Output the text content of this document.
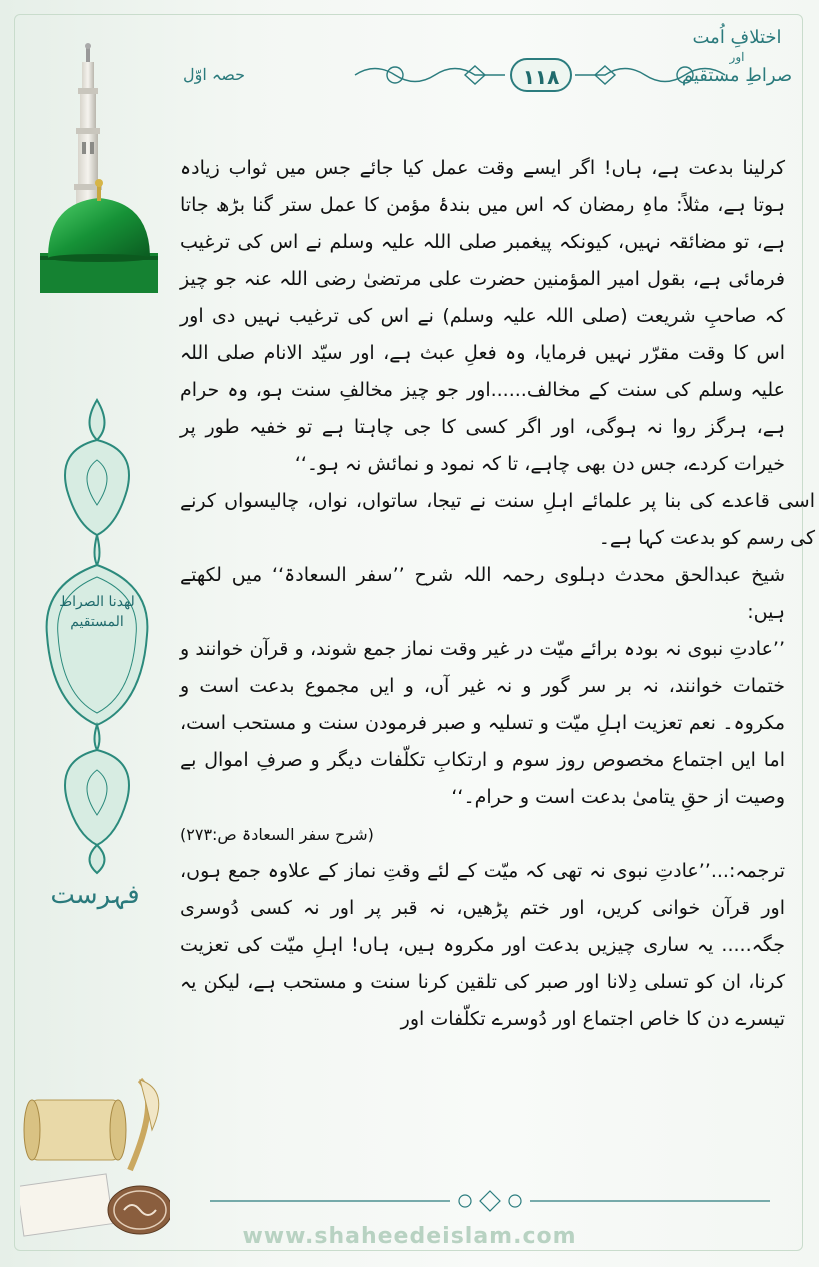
اختلافِ اُمت
اور
صراطِ مستقیم
۱۱۸
حصہ اوّل
لهدنا الصراط
المستقیم
فہرست

کرلینا بدعت ہے، ہاں! اگر ایسے وقت عمل کیا جائے جس میں ثواب زیادہ ہوتا ہے، مثلاً: ماہِ رمضان کہ اس میں بندۂ مؤمن کا عمل ستر گنا بڑھ جاتا ہے، تو مضائقہ نہیں، کیونکہ پیغمبر صلی اللہ علیہ وسلم نے اس کی ترغیب فرمائی ہے، بقول امیر المؤمنین حضرت علی مرتضیٰ رضی اللہ عنہ جو چیز کہ صاحبِ شریعت (صلی اللہ علیہ وسلم) نے اس کی ترغیب نہیں دی اور اس کا وقت مقرّر نہیں فرمایا، وہ فعلِ عبث ہے، اور سیّد الانام صلی اللہ علیہ وسلم کی سنت کے مخالف......اور جو چیز مخالفِ سنت ہو، وہ حرام ہے، ہرگز روا نہ ہوگی، اور اگر کسی کا جی چاہتا ہے تو خفیہ طور پر خیرات کردے، جس دن بھی چاہے، تا کہ نمود و نمائش نہ ہو۔‘‘

اسی قاعدے کی بنا پر علمائے اہلِ سنت نے تیجا، ساتواں، نواں، چالیسواں کرنے کی رسم کو بدعت کہا ہے۔

شیخ عبدالحق محدث دہلوی رحمہ اللہ شرح ’’سفر السعادۃ‘‘ میں لکھتے ہیں:

’’عادتِ نبوی نہ بودہ برائے میّت در غیر وقت نماز جمع شوند، و قرآن خوانند و ختمات خوانند، نہ بر سر گور و نہ غیر آں، و ایں مجموع بدعت است و مکروہ۔ نعم تعزیت اہلِ میّت و تسلیہ و صبر فرمودن سنت و مستحب است، اما ایں اجتماع مخصوص روز سوم و ارتکابِ تکلّفات دیگر و صرفِ اموال بے وصیت از حقِ یتامیٰ بدعت است و حرام۔‘‘

(شرح سفر السعادۃ ص:۲۷۳)

ترجمہ:...’’عادتِ نبوی نہ تھی کہ میّت کے لئے وقتِ نماز کے علاوہ جمع ہوں، اور قرآن خوانی کریں، اور ختم پڑھیں، نہ قبر پر اور نہ کسی دُوسری جگہ..... یہ ساری چیزیں بدعت اور مکروہ ہیں، ہاں! اہلِ میّت کی تعزیت کرنا، ان کو تسلی دِلانا اور صبر کی تلقین کرنا سنت و مستحب ہے، لیکن یہ تیسرے دن کا خاص اجتماع اور دُوسرے تکلّفات اور

www.shaheedeislam.com
